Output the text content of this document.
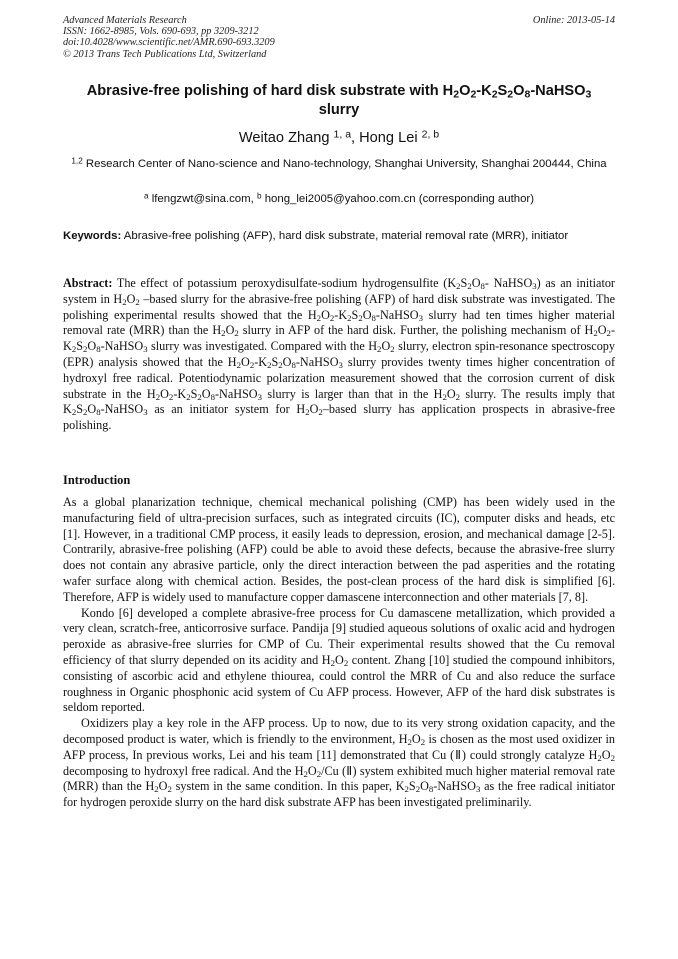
Advanced Materials Research
ISSN: 1662-8985, Vols. 690-693, pp 3209-3212
doi:10.4028/www.scientific.net/AMR.690-693.3209
© 2013 Trans Tech Publications Ltd, Switzerland
Online: 2013-05-14
Abrasive-free polishing of hard disk substrate with $H_2O_2-K_2S_2O_8-NaHSO_3$
slurry
Weitao Zhang $^{1, a}$, Hong Lei $^{2, b}$
$^{1,2}$ Research Center of Nano-science and Nano-technology, Shanghai University, Shanghai 200444, China
$^a$ lfengzwt@sina.com, $^b$ hong_lei2005@yahoo.com.cn (corresponding author)
Keywords: Abrasive-free polishing (AFP), hard disk substrate, material removal rate (MRR), initiator
Abstract: The effect of potassium peroxydisulfate-sodium hydrogensulfite ($K_2S_2O_8-$ NaHSO$_3$) as an initiator system in $H_2O_2$ –based slurry for the abrasive-free polishing (AFP) of hard disk substrate was investigated. The polishing experimental results showed that the $H_2O_2-K_2S_2O_8-NaHSO_3$ slurry had ten times higher material removal rate (MRR) than the $H_2O_2$ slurry in AFP of the hard disk. Further, the polishing mechanism of $H_2O_2-K_2S_2O_8-NaHSO_3$ slurry was investigated. Compared with the $H_2O_2$ slurry, electron spin-resonance spectroscopy (EPR) analysis showed that the $H_2O_2-K_2S_2O_8-NaHSO_3$ slurry provides twenty times higher concentration of hydroxyl free radical. Potentiodynamic polarization measurement showed that the corrosion current of disk substrate in the $H_2O_2-K_2S_2O_8-NaHSO_3$ slurry is larger than that in the $H_2O_2$ slurry. The results imply that $K_2S_2O_8-NaHSO_3$ as an initiator system for $H_2O_2$–based slurry has application prospects in abrasive-free polishing.
Introduction

As a global planarization technique, chemical mechanical polishing (CMP) has been widely used in the manufacturing field of ultra-precision surfaces, such as integrated circuits (IC), computer disks and heads, etc [1]. However, in a traditional CMP process, it easily leads to depression, erosion, and mechanical damage [2-5]. Contrarily, abrasive-free polishing (AFP) could be able to avoid these defects, because the abrasive-free slurry does not contain any abrasive particle, only the direct interaction between the pad asperities and the rotating wafer surface along with chemical action. Besides, the post-clean process of the hard disk is simplified [6]. Therefore, AFP is widely used to manufacture copper damascene interconnection and other materials [7, 8].

Kondo [6] developed a complete abrasive-free process for Cu damascene metallization, which provided a very clean, scratch-free, anticorrosive surface. Pandija [9] studied aqueous solutions of oxalic acid and hydrogen peroxide as abrasive-free slurries for CMP of Cu. Their experimental results showed that the Cu removal efficiency of that slurry depended on its acidity and $H_2O_2$ content. Zhang [10] studied the compound inhibitors, consisting of ascorbic acid and ethylene thiourea, could control the MRR of Cu and also reduce the surface roughness in Organic phosphonic acid system of Cu AFP process. However, AFP of the hard disk substrates is seldom reported.

Oxidizers play a key role in the AFP process. Up to now, due to its very strong oxidation capacity, and the decomposed product is water, which is friendly to the environment, $H_2O_2$ is chosen as the most used oxidizer in AFP process, In previous works, Lei and his team [11] demonstrated that Cu (Ⅱ) could strongly catalyze $H_2O_2$ decomposing to hydroxyl free radical. And the $H_2O_2/Cu$ (Ⅱ) system exhibited much higher material removal rate (MRR) than the $H_2O_2$ system in the same condition. In this paper, $K_2S_2O_8-NaHSO_3$ as the free radical initiator for hydrogen peroxide slurry on the hard disk substrate AFP has been investigated preliminarily.
